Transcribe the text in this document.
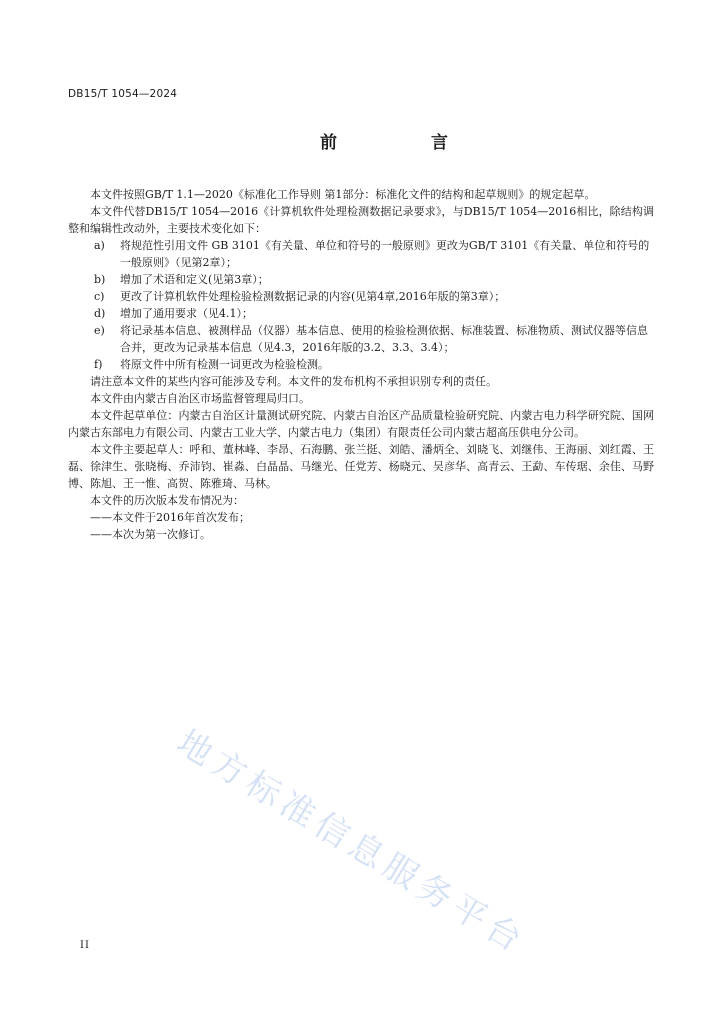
DB15/T 1054—2024
前 言

本文件按照GB/T 1.1—2020《标准化工作导则 第1部分：标准化文件的结构和起草规则》的规定起草。

本文件代替DB15/T 1054—2016《计算机软件处理检测数据记录要求》，与DB15/T 1054—2016相比，除结构调整和编辑性改动外，主要技术变化如下：

a)	将规范性引用文件 GB 3101《有关量、单位和符号的一般原则》更改为GB/T 3101《有关量、单位和符号的一般原则》（见第2章）；
b)	增加了术语和定义(见第3章）；
c)	更改了计算机软件处理检验检测数据记录的内容(见第4章,2016年版的第3章）；
d)	增加了通用要求（见4.1）；
e)	将记录基本信息、被测样品（仪器）基本信息、使用的检验检测依据、标准装置、标准物质、测试仪器等信息合并，更改为记录基本信息（见4.3，2016年版的3.2、3.3、3.4）；
f)	将原文件中所有检测一词更改为检验检测。

请注意本文件的某些内容可能涉及专利。本文件的发布机构不承担识别专利的责任。

本文件由内蒙古自治区市场监督管理局归口。

本文件起草单位：内蒙古自治区计量测试研究院、内蒙古自治区产品质量检验研究院、内蒙古电力科学研究院、国网内蒙古东部电力有限公司、内蒙古工业大学、内蒙古电力（集团）有限责任公司内蒙古超高压供电分公司。

本文件主要起草人：呼和、董林峰、李昂、石海鹏、张兰挺、刘皓、潘炳全、刘晓飞、刘继伟、王海丽、刘红霞、王磊、徐津生、张晓梅、乔沛钧、崔淼、白晶晶、马继光、任党芳、杨晓元、吴彦华、高青云、王勐、车传琚、余佳、马野博、陈旭、王一惟、高贺、陈雅琦、马林。

本文件的历次版本发布情况为：

——本文件于2016年首次发布；

——本次为第一次修订。

地方标准信息服务平台
II
